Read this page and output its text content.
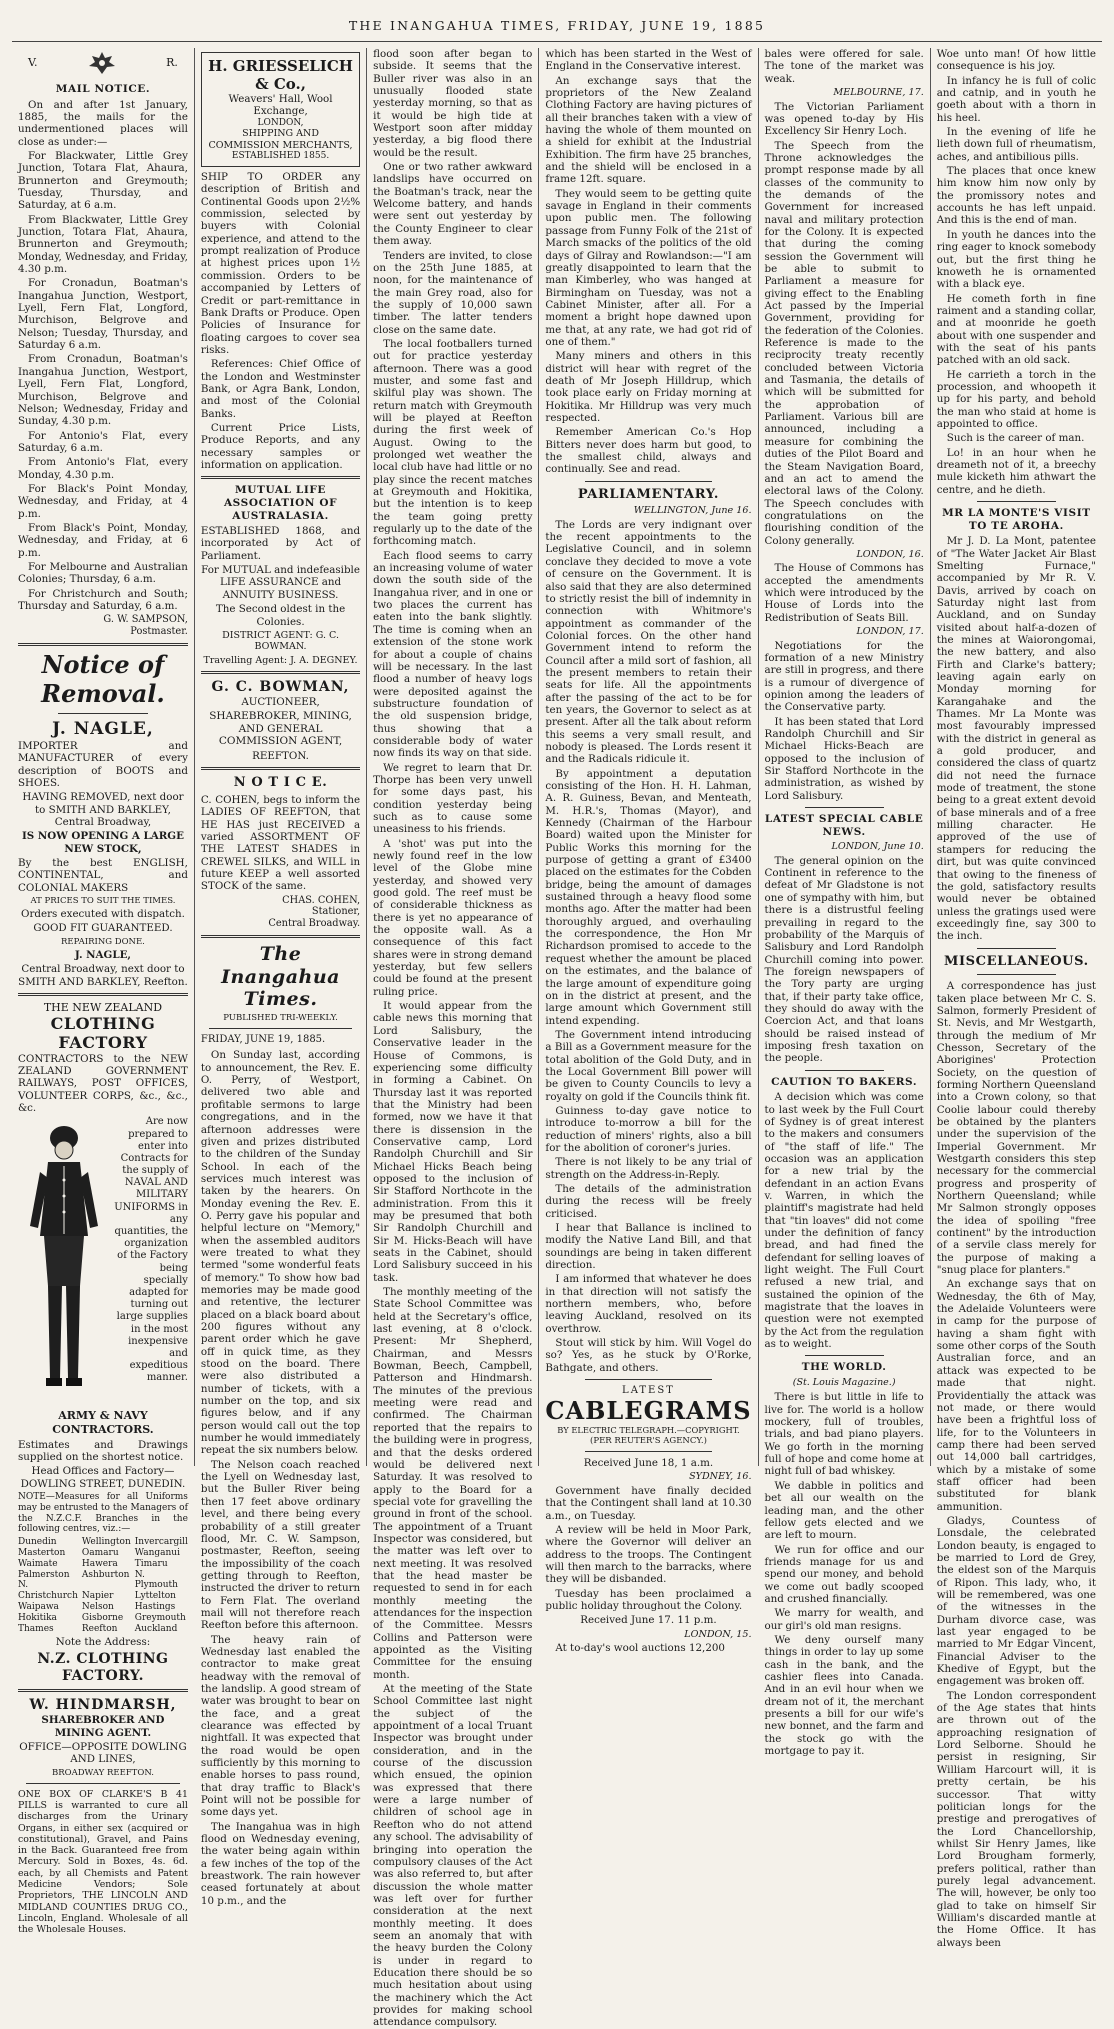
THE INANGAHUA TIMES, FRIDAY, JUNE 19, 1885
V.	R.
MAIL NOTICE.

On and after 1st January, 1885, the mails for the undermentioned places will close as under:—

For Blackwater, Little Grey Junction, Totara Flat, Ahaura, Brunnerton and Greymouth; Tuesday, Thursday, and Saturday, at 6 a.m.

From Blackwater, Little Grey Junction, Totara Flat, Ahaura, Brunnerton and Greymouth; Monday, Wednesday, and Friday, 4.30 p.m.

For Cronadun, Boatman's Inangahua Junction, Westport, Lyell, Fern Flat, Longford, Murchison, Belgrove and Nelson; Tuesday, Thursday, and Saturday 6 a.m.

From Cronadun, Boatman's Inangahua Junction, Westport, Lyell, Fern Flat, Longford, Murchison, Belgrove and Nelson; Wednesday, Friday and Sunday, 4.30 p.m.

For Antonio's Flat, every Saturday, 6 a.m.

From Antonio's Flat, every Monday, 4.30 p.m.

For Black's Point Monday, Wednesday, and Friday, at 4 p.m.

From Black's Point, Monday, Wednesday, and Friday, at 6 p.m.

For Melbourne and Australian Colonies; Thursday, 6 a.m.

For Christchurch and South; Thursday and Saturday, 6 a.m.

G. W. SAMPSON,
Postmaster.
Notice of Removal.
J. NAGLE,

IMPORTER and MANUFACTURER of every description of BOOTS and SHOES.

HAVING REMOVED, next door to SMITH AND BARKLEY, Central Broadway,

IS NOW OPENING A LARGE NEW STOCK,

By the best ENGLISH, CONTINENTAL, and COLONIAL MAKERS

AT PRICES TO SUIT THE TIMES.

Orders executed with dispatch.

GOOD FIT GUARANTEED.

REPAIRING DONE.

J. NAGLE,

Central Broadway, next door to SMITH AND BARKLEY, Reefton.

THE NEW ZEALAND
CLOTHING FACTORY

CONTRACTORS to the NEW ZEALAND GOVERNMENT RAILWAYS, POST OFFICES, VOLUNTEER CORPS, &c., &c., &c.

Are now prepared to enter into Contracts for the supply of NAVAL AND MILITARY UNIFORMS in any quantities, the organization of the Factory being specially adapted for turning out large supplies in the most inexpensive and expeditious manner.
ARMY & NAVY CONTRACTORS.

Estimates and Drawings supplied on the shortest notice.

Head Offices and Factory—DOWLING STREET, DUNEDIN.

NOTE—Measures for all Uniforms may be entrusted to the Managers of the N.Z.C.F. Branches in the following centres, viz.:—

Dunedin	Wellington Invercargill
Masterton	Oamaru	Wanganui
Waimate	Hawera	Timaru
Palmerston N.
Ashburton N. Plymouth
Christchurch Napier	Lyttelton
Waipawa	Nelson	Hastings
Hokitika	Gisborne	Greymouth
Thames	Reefton	Auckland

Note the Address:

N.Z. CLOTHING FACTORY.
W. HINDMARSH,

SHAREBROKER AND MINING AGENT.

OFFICE—OPPOSITE DOWLING AND LINES,

BROADWAY REEFTON.

ONE BOX OF CLARKE'S B 41 PILLS is warranted to cure all discharges from the Urinary Organs, in either sex (acquired or constitutional), Gravel, and Pains in the Back. Guaranteed free from Mercury. Sold in Boxes, 4s. 6d. each, by all Chemists and Patent Medicine Vendors; Sole Proprietors, THE LINCOLN AND MIDLAND COUNTIES DRUG CO., Lincoln, England. Wholesale of all the Wholesale Houses.

H. GRIESSELICH & Co.,
Weavers' Hall, Wool Exchange,
LONDON,
SHIPPING AND COMMISSION MERCHANTS,
ESTABLISHED 1855.

SHIP TO ORDER any description of British and Continental Goods upon 2½% commission, selected by buyers with Colonial experience, and attend to the prompt realization of Produce at highest prices upon 1½ commission. Orders to be accompanied by Letters of Credit or part-remittance in Bank Drafts or Produce. Open Policies of Insurance for floating cargoes to cover sea risks.

References: Chief Office of the London and Westminster Bank, or Agra Bank, London, and most of the Colonial Banks.

Current Price Lists, Produce Reports, and any necessary samples or information on application.

MUTUAL LIFE ASSOCIATION OF AUSTRALASIA.

ESTABLISHED 1868, and incorporated by Act of Parliament.

For MUTUAL and indefeasible LIFE ASSURANCE and ANNUITY BUSINESS.

The Second oldest in the Colonies.

DISTRICT AGENT: G. C. BOWMAN.

Travelling Agent: J. A. DEGNEY.

G. C. BOWMAN,

AUCTIONEER,

SHAREBROKER, MINING, AND GENERAL COMMISSION AGENT,

REEFTON.

N O T I C E.

C. COHEN, begs to inform the LADIES OF REEFTON, that HE HAS just RECEIVED a varied ASSORTMENT OF THE LATEST SHADES in CREWEL SILKS, and WILL in future KEEP a well assorted STOCK of the same.

CHAS. COHEN,
Stationer,
Central Broadway.
The Inangahua Times.
PUBLISHED TRI-WEEKLY.
FRIDAY, JUNE 19, 1885.

On Sunday last, according to announcement, the Rev. E. O. Perry, of Westport, delivered two able and profitable sermons to large congregations, and in the afternoon addresses were given and prizes distributed to the children of the Sunday School. In each of the services much interest was taken by the hearers. On Monday evening the Rev. E. O. Perry gave his popular and helpful lecture on "Memory," when the assembled auditors were treated to what they termed "some wonderful feats of memory." To show how bad memories may be made good and retentive, the lecturer placed on a black board about 200 figures without any parent order which he gave off in quick time, as they stood on the board. There were also distributed a number of tickets, with a number on the top, and six figures below, and if any person would call out the top number he would immediately repeat the six numbers below.

The Nelson coach reached the Lyell on Wednesday last, but the Buller River being then 17 feet above ordinary level, and there being every probability of a still greater flood, Mr. C. W. Sampson, postmaster, Reefton, seeing the impossibility of the coach getting through to Reefton, instructed the driver to return to Fern Flat. The overland mail will not therefore reach Reefton before this afternoon.

The heavy rain of Wednesday last enabled the contractor to make great headway with the removal of the landslip. A good stream of water was brought to bear on the face, and a great clearance was effected by nightfall. It was expected that the road would be open sufficiently by this morning to enable horses to pass round, that dray traffic to Black's Point will not be possible for some days yet.

The Inangahua was in high flood on Wednesday evening, the water being again within a few inches of the top of the breastwork. The rain however ceased fortunately at about 10 p.m., and the

flood soon after began to subside. It seems that the Buller river was also in an unusually flooded state yesterday morning, so that as it would be high tide at Westport soon after midday yesterday, a big flood there would be the result.

One or two rather awkward landslips have occurred on the Boatman's track, near the Welcome battery, and hands were sent out yesterday by the County Engineer to clear them away.

Tenders are invited, to close on the 25th June 1885, at noon, for the maintenance of the main Grey road, also for the supply of 10,000 sawn timber. The latter tenders close on the same date.

The local footballers turned out for practice yesterday afternoon. There was a good muster, and some fast and skilful play was shown. The return match with Greymouth will be played at Reefton during the first week of August. Owing to the prolonged wet weather the local club have had little or no play since the recent matches at Greymouth and Hokitika, but the intention is to keep the team going pretty regularly up to the date of the forthcoming match.

Each flood seems to carry an increasing volume of water down the south side of the Inangahua river, and in one or two places the current has eaten into the bank slightly. The time is coming when an extension of the stone work for about a couple of chains will be necessary. In the last flood a number of heavy logs were deposited against the substructure foundation of the old suspension bridge, thus showing that a considerable body of water now finds its way on that side.

We regret to learn that Dr. Thorpe has been very unwell for some days past, his condition yesterday being such as to cause some uneasiness to his friends.

A 'shot' was put into the newly found reef in the low level of the Globe mine yesterday, and showed very good gold. The reef must be of considerable thickness as there is yet no appearance of the opposite wall. As a consequence of this fact shares were in strong demand yesterday, but few sellers could be found at the present ruling price.

It would appear from the cable news this morning that Lord Salisbury, the Conservative leader in the House of Commons, is experiencing some difficulty in forming a Cabinet. On Thursday last it was reported that the Ministry had been formed, now we have it that there is dissension in the Conservative camp, Lord Randolph Churchill and Sir Michael Hicks Beach being opposed to the inclusion of Sir Stafford Northcote in the administration. From this it may be presumed that both Sir Randolph Churchill and Sir M. Hicks-Beach will have seats in the Cabinet, should Lord Salisbury succeed in his task.

The monthly meeting of the State School Committee was held at the Secretary's office, last evening, at 8 o'clock. Present: Mr Shepherd, Chairman, and Messrs Bowman, Beech, Campbell, Patterson and Hindmarsh. The minutes of the previous meeting were read and confirmed. The Chairman reported that the repairs to the building were in progress, and that the desks ordered would be delivered next Saturday. It was resolved to apply to the Board for a special vote for gravelling the ground in front of the school. The appointment of a Truant Inspector was considered, but the matter was left over to next meeting. It was resolved that the head master be requested to send in for each monthly meeting the attendances for the inspection of the Committee. Messrs Collins and Patterson were appointed as the Visiting Committee for the ensuing month.

At the meeting of the State School Committee last night the subject of the appointment of a local Truant Inspector was brought under consideration, and in the course of the discussion which ensued, the opinion was expressed that there were a large number of children of school age in Reefton who do not attend any school. The advisability of bringing into operation the compulsory clauses of the Act was also referred to, but after discussion the whole matter was left over for further consideration at the next monthly meeting. It does seem an anomaly that with the heavy burden the Colony is under in regard to Education there should be so much hesitation about using the machinery which the Act provides for making school attendance compulsory.

which has been started in the West of England in the Conservative interest.

An exchange says that the proprietors of the New Zealand Clothing Factory are having pictures of all their branches taken with a view of having the whole of them mounted on a shield for exhibit at the Industrial Exhibition. The firm have 25 branches, and the shield will be enclosed in a frame 12ft. square.

They would seem to be getting quite savage in England in their comments upon public men. The following passage from Funny Folk of the 21st of March smacks of the politics of the old days of Gilray and Rowlandson:—"I am greatly disappointed to learn that the man Kimberley, who was hanged at Birmingham on Tuesday, was not a Cabinet Minister, after all. For a moment a bright hope dawned upon me that, at any rate, we had got rid of one of them."

Many miners and others in this district will hear with regret of the death of Mr Joseph Hilldrup, which took place early on Friday morning at Hokitika. Mr Hilldrup was very much respected.

Remember American Co.'s Hop Bitters never does harm but good, to the smallest child, always and continually. See and read.

PARLIAMENTARY.
WELLINGTON, June 16.

The Lords are very indignant over the recent appointments to the Legislative Council, and in solemn conclave they decided to move a vote of censure on the Government. It is also said that they are also determined to strictly resist the bill of indemnity in connection with Whitmore's appointment as commander of the Colonial forces. On the other hand Government intend to reform the Council after a mild sort of fashion, all the present members to retain their seats for life. All the appointments after the passing of the act to be for ten years, the Governor to select as at present. After all the talk about reform this seems a very small result, and nobody is pleased. The Lords resent it and the Radicals ridicule it.

By appointment a deputation consisting of the Hon. H. H. Lahman, A. R. Guiness, Bevan, and Menteath, M. H.R.'s, Thomas (Mayor), and Kennedy (Chairman of the Harbour Board) waited upon the Minister for Public Works this morning for the purpose of getting a grant of £3400 placed on the estimates for the Cobden bridge, being the amount of damages sustained through a heavy flood some months ago. After the matter had been thoroughly argued, and overhauling the correspondence, the Hon Mr Richardson promised to accede to the request whether the amount be placed on the estimates, and the balance of the large amount of expenditure going on in the district at present, and the large amount which Government still intend expending.

The Government intend introducing a Bill as a Government measure for the total abolition of the Gold Duty, and in the Local Government Bill power will be given to County Councils to levy a royalty on gold if the Councils think fit.

Guinness to-day gave notice to introduce to-morrow a bill for the reduction of miners' rights, also a bill for the abolition of coroner's juries.

There is not likely to be any trial of strength on the Address-in-Reply.

The details of the administration during the recess will be freely criticised.

I hear that Ballance is inclined to modify the Native Land Bill, and that soundings are being in taken different direction.

I am informed that whatever he does in that direction will not satisfy the northern members, who, before leaving Auckland, resolved on its overthrow.

Stout will stick by him. Will Vogel do so? Yes, as he stuck by O'Rorke, Bathgate, and others.

LATEST
CABLEGRAMS
BY ELECTRIC TELEGRAPH.—COPYRIGHT.
(PER REUTER'S AGENCY.)
Received June 18, 1 a.m.
SYDNEY, 16.

Government have finally decided that the Contingent shall land at 10.30 a.m., on Tuesday.

A review will be held in Moor Park, where the Governor will deliver an address to the troops. The Contingent will then march to the barracks, where they will be disbanded.

Tuesday has been proclaimed a public holiday throughout the Colony.

Received June 17. 11 p.m.
LONDON, 15.

At to-day's wool auctions 12,200

bales were offered for sale. The tone of the market was weak.

MELBOURNE, 17.

The Victorian Parliament was opened to-day by His Excellency Sir Henry Loch.

The Speech from the Throne acknowledges the prompt response made by all classes of the community to the demands of the Government for increased naval and military protection for the Colony. It is expected that during the coming session the Government will be able to submit to Parliament a measure for giving effect to the Enabling Act passed by the Imperial Government, providing for the federation of the Colonies. Reference is made to the reciprocity treaty recently concluded between Victoria and Tasmania, the details of which will be submitted for the approbation of Parliament. Various bill are announced, including a measure for combining the duties of the Pilot Board and the Steam Navigation Board, and an act to amend the electoral laws of the Colony. The Speech concludes with congratulations on the flourishing condition of the Colony generally.

LONDON, 16.

The House of Commons has accepted the amendments which were introduced by the House of Lords into the Redistribution of Seats Bill.

LONDON, 17.

Negotiations for the formation of a new Ministry are still in progress, and there is a rumour of divergence of opinion among the leaders of the Conservative party.

It has been stated that Lord Randolph Churchill and Sir Michael Hicks-Beach are opposed to the inclusion of Sir Stafford Northcote in the administration, as wished by Lord Salisbury.

LATEST SPECIAL CABLE NEWS.
LONDON, June 10.

The general opinion on the Continent in reference to the defeat of Mr Gladstone is not one of sympathy with him, but there is a distrustful feeling prevailing in regard to the probability of the Marquis of Salisbury and Lord Randolph Churchill coming into power. The foreign newspapers of the Tory party are urging that, if their party take office, they should do away with the Coercion Act, and that loans should be raised instead of imposing fresh taxation on the people.

CAUTION TO BAKERS.

A decision which was come to last week by the Full Court of Sydney is of great interest to the makers and consumers of "the staff of life." The occasion was an application for a new trial by the defendant in an action Evans v. Warren, in which the plaintiff's magistrate had held that "tin loaves" did not come under the definition of fancy bread, and had fined the defendant for selling loaves of light weight. The Full Court refused a new trial, and sustained the opinion of the magistrate that the loaves in question were not exempted by the Act from the regulation as to weight.

THE WORLD.
(St. Louis Magazine.)

There is but little in life to live for. The world is a hollow mockery, full of troubles, trials, and bad piano players. We go forth in the morning full of hope and come home at night full of bad whiskey.

We dabble in politics and bet all our wealth on the leading man, and the other fellow gets elected and we are left to mourn.

We run for office and our friends manage for us and spend our money, and behold we come out badly scooped and crushed financially.

We marry for wealth, and our girl's old man resigns.

We deny ourself many things in order to lay up some cash in the bank, and the cashier flees into Canada. And in an evil hour when we dream not of it, the merchant presents a bill for our wife's new bonnet, and the farm and the stock go with the mortgage to pay it.

Woe unto man! Of how little consequence is his joy.

In infancy he is full of colic and catnip, and in youth he goeth about with a thorn in his heel.

In the evening of life he lieth down full of rheumatism, aches, and antibilious pills.

The places that once knew him know him now only by the promissory notes and accounts he has left unpaid. And this is the end of man.

In youth he dances into the ring eager to knock somebody out, but the first thing he knoweth he is ornamented with a black eye.

He cometh forth in fine raiment and a standing collar, and at moonride he goeth about with one suspender and with the seat of his pants patched with an old sack.

He carrieth a torch in the procession, and whoopeth it up for his party, and behold the man who staid at home is appointed to office.

Such is the career of man.

Lo! in an hour when he dreameth not of it, a breechy mule kicketh him athwart the centre, and he dieth.

MR LA MONTE'S VISIT TO TE AROHA.

Mr J. D. La Mont, patentee of "The Water Jacket Air Blast Smelting Furnace," accompanied by Mr R. V. Davis, arrived by coach on Saturday night last from Auckland, and on Sunday visited about half-a-dozen of the mines at Waiorongomai, the new battery, and also Firth and Clarke's battery; leaving again early on Monday morning for Karangahake and the Thames. Mr La Monte was most favourably impressed with the district in general as a gold producer, and considered the class of quartz did not need the furnace mode of treatment, the stone being to a great extent devoid of base minerals and of a free milling character. He approved of the use of stampers for reducing the dirt, but was quite convinced that owing to the fineness of the gold, satisfactory results would never be obtained unless the gratings used were exceedingly fine, say 300 to the inch.

MISCELLANEOUS.

A correspondence has just taken place between Mr C. S. Salmon, formerly President of St. Nevis, and Mr Westgarth, through the medium of Mr Chesson, Secretary of the Aborigines' Protection Society, on the question of forming Northern Queensland into a Crown colony, so that Coolie labour could thereby be obtained by the planters under the supervision of the Imperial Government. Mr Westgarth considers this step necessary for the commercial progress and prosperity of Northern Queensland; while Mr Salmon strongly opposes the idea of spoiling "free continent" by the introduction of a servile class merely for the purpose of making a "snug place for planters."

An exchange says that on Wednesday, the 6th of May, the Adelaide Volunteers were in camp for the purpose of having a sham fight with some other corps of the South Australian force, and an attack was expected to be made that night. Providentially the attack was not made, or there would have been a frightful loss of life, for to the Volunteers in camp there had been served out 14,000 ball cartridges, which by a mistake of some staff officer had been substituted for blank ammunition.

Gladys, Countess of Lonsdale, the celebrated London beauty, is engaged to be married to Lord de Grey, the eldest son of the Marquis of Ripon. This lady, who, it will be remembered, was one of the witnesses in the Durham divorce case, was last year engaged to be married to Mr Edgar Vincent, Financial Adviser to the Khedive of Egypt, but the engagement was broken off.

The London correspondent of the Age states that hints are thrown out of the approaching resignation of Lord Selborne. Should he persist in resigning, Sir William Harcourt will, it is pretty certain, be his successor. That witty politician longs for the prestige and prerogatives of the Lord Chancellorship, whilst Sir Henry James, like Lord Brougham formerly, prefers political, rather than purely legal advancement. The will, however, be only too glad to take on himself Sir William's discarded mantle at the Home Office. It has always been
